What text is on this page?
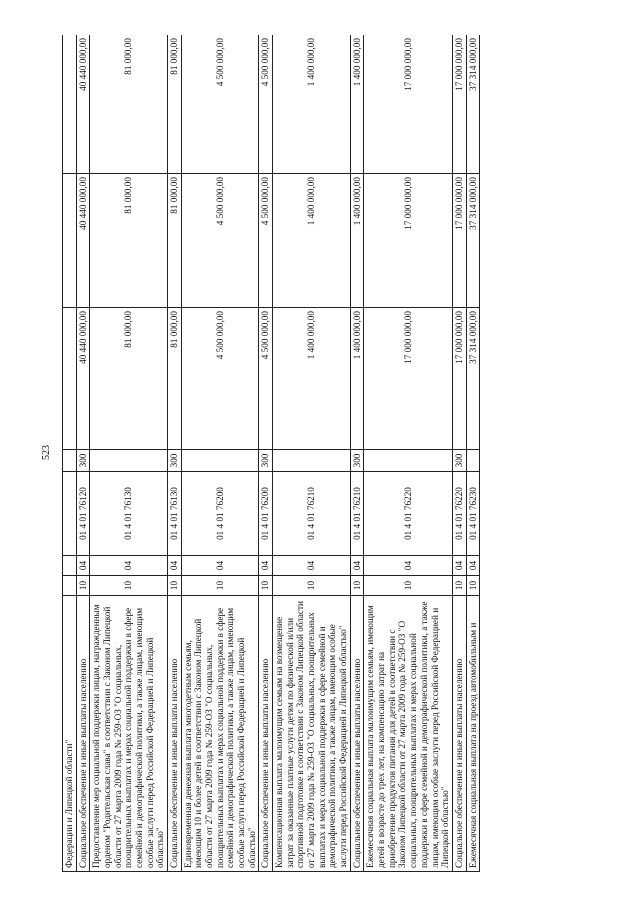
523
Федерации и Липецкой области"							
Социальное обеспечение и иные выплаты населению	10	04	01 4 01 76120	300	40 440 000,00	40 440 000,00	40 440 000,00
Предоставление мер социальной поддержки лицам, награжденным орденом "Родительская слава" в соответствии с Законом Липецкой области от 27 марта 2009 года № 259-ОЗ "О социальных, поощрительных выплатах и мерах социальной поддержки в сфере семейной и демографической политики, а также лицам, имеющим особые заслуги перед Российской Федерацией и Липецкой областью"	10	04	01 4 01 76130		81 000,00	81 000,00	81 000,00
Социальное обеспечение и иные выплаты населению	10	04	01 4 01 76130	300	81 000,00	81 000,00	81 000,00
Единовременная денежная выплата многодетным семьям, имеющим 10 и более детей в соответствии с Законом Липецкой области от 27 марта 2009 года № 259-ОЗ "О социальных, поощрительных выплатах и мерах социальной поддержки в сфере семейной и демографической политики, а также лицам, имеющим особые заслуги перед Российской Федерацией и Липецкой областью"	10	04	01 4 01 76200		4 500 000,00	4 500 000,00	4 500 000,00
Социальное обеспечение и иные выплаты населению	10	04	01 4 01 76200	300	4 500 000,00	4 500 000,00	4 500 000,00
Компенсационная выплата малоимущим семьям на возмещение затрат за оказанные платные услуги детям по физической и/или спортивной подготовке в соответствии с Законом Липецкой области от 27 марта 2009 года № 259-ОЗ "О социальных, поощрительных выплатах и мерах социальной поддержки в сфере семейной и демографической политики, а также лицам, имеющим особые заслуги перед Российской Федерацией и Липецкой областью"	10	04	01 4 01 76210		1 400 000,00	1 400 000,00	1 400 000,00
Социальное обеспечение и иные выплаты населению	10	04	01 4 01 76210	300	1 400 000,00	1 400 000,00	1 400 000,00
Ежемесячная социальная выплата малоимущим семьям, имеющим детей в возрасте до трех лет, на компенсацию затрат на приобретение продуктов питания для детей в соответствии с Законом Липецкой области от 27 марта 2009 года № 259-ОЗ "О социальных, поощрительных выплатах и мерах социальной поддержки в сфере семейной и демографической политики, а также лицам, имеющим особые заслуги перед Российской Федерацией и Липецкой областью"	10	04	01 4 01 76220		17 000 000,00	17 000 000,00	17 000 000,00
Социальное обеспечение и иные выплаты населению	10	04	01 4 01 76220	300	17 000 000,00	17 000 000,00	17 000 000,00
Ежемесячная социальная выплата на проезд автомобильным и	10	04	01 4 01 76230		37 314 000,00	37 314 000,00	37 314 000,00
